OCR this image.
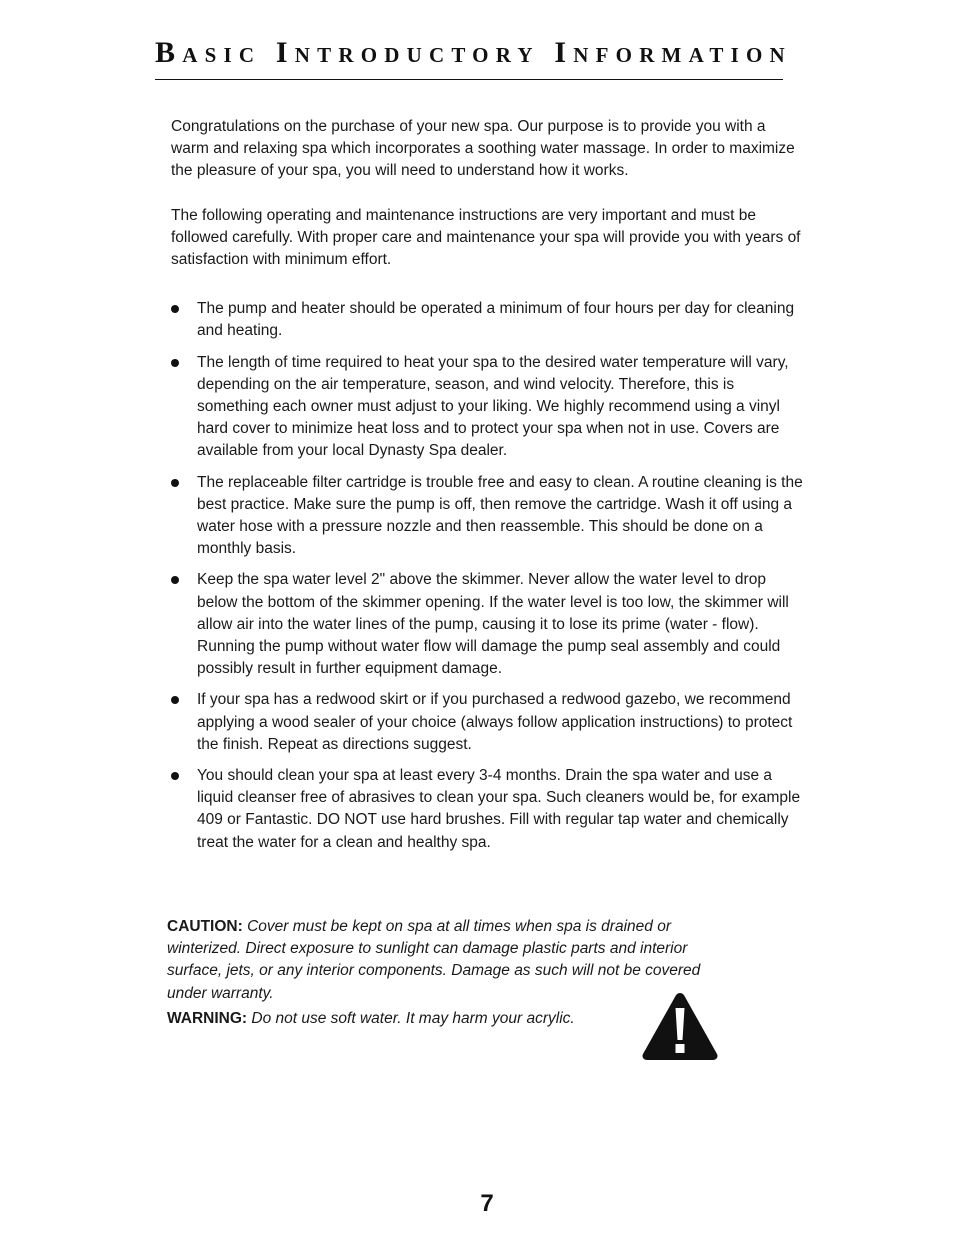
Basic Introductory Information

Congratulations on the purchase of your new spa. Our purpose is to provide you with a warm and relaxing spa which incorporates a soothing water massage. In order to maximize the pleasure of your spa, you will need to understand how it works.

The following operating and maintenance instructions are very important and must be followed carefully. With proper care and maintenance your spa will provide you with years of satisfaction with minimum effort.

The pump and heater should be operated a minimum of four hours per day for cleaning and heating.
The length of time required to heat your spa to the desired water temperature will vary, depending on the air temperature, season, and wind velocity. Therefore, this is something each owner must adjust to your liking. We highly recommend using a vinyl hard cover to minimize heat loss and to protect your spa when not in use. Covers are available from your local Dynasty Spa dealer.
The replaceable filter cartridge is trouble free and easy to clean. A routine cleaning is the best practice. Make sure the pump is off, then remove the cartridge. Wash it off using a water hose with a pressure nozzle and then reassemble. This should be done on a monthly basis.
Keep the spa water level 2" above the skimmer. Never allow the water level to drop below the bottom of the skimmer opening. If the water level is too low, the skimmer will allow air into the water lines of the pump, causing it to lose its prime (water - flow). Running the pump without water flow will damage the pump seal assembly and could possibly result in further equipment damage.
If your spa has a redwood skirt or if you purchased a redwood gazebo, we recommend applying a wood sealer of your choice (always follow application instructions) to protect the finish. Repeat as directions suggest.
You should clean your spa at least every 3-4 months. Drain the spa water and use a liquid cleanser free of abrasives to clean your spa. Such cleaners would be, for example 409 or Fantastic. DO NOT use hard brushes. Fill with regular tap water and chemically treat the water for a clean and healthy spa.

CAUTION: Cover must be kept on spa at all times when spa is drained or winterized. Direct exposure to sunlight can damage plastic parts and interior surface, jets, or any interior components. Damage as such will not be covered under warranty.

WARNING: Do not use soft water. It may harm your acrylic.

7
